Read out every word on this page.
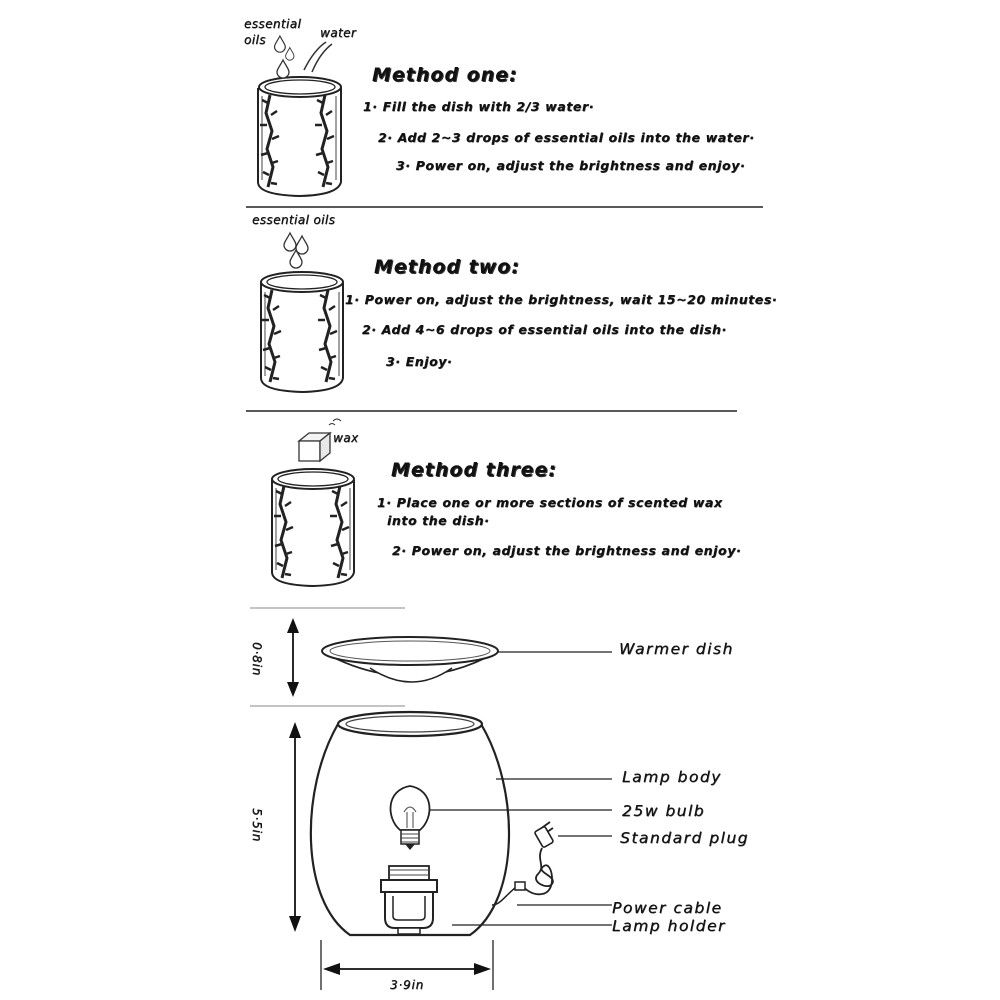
essential
oils	water
Method one:
1· Fill the dish with 2/3 water·
2· Add 2~3 drops of essential oils into the water·
3· Power on, adjust the brightness and enjoy·
essential oils
Method two:
1· Power on, adjust the brightness, wait 15~20 minutes·
2· Add 4~6 drops of essential oils into the dish·
3· Enjoy·
wax
Method three:
1· Place one or more sections of scented wax
into the dish·
2· Power on, adjust the brightness and enjoy·
Warmer dish
Lamp body
25w bulb
Standard plug
Power cable
Lamp holder
0·8in
5·5in
3·9in
